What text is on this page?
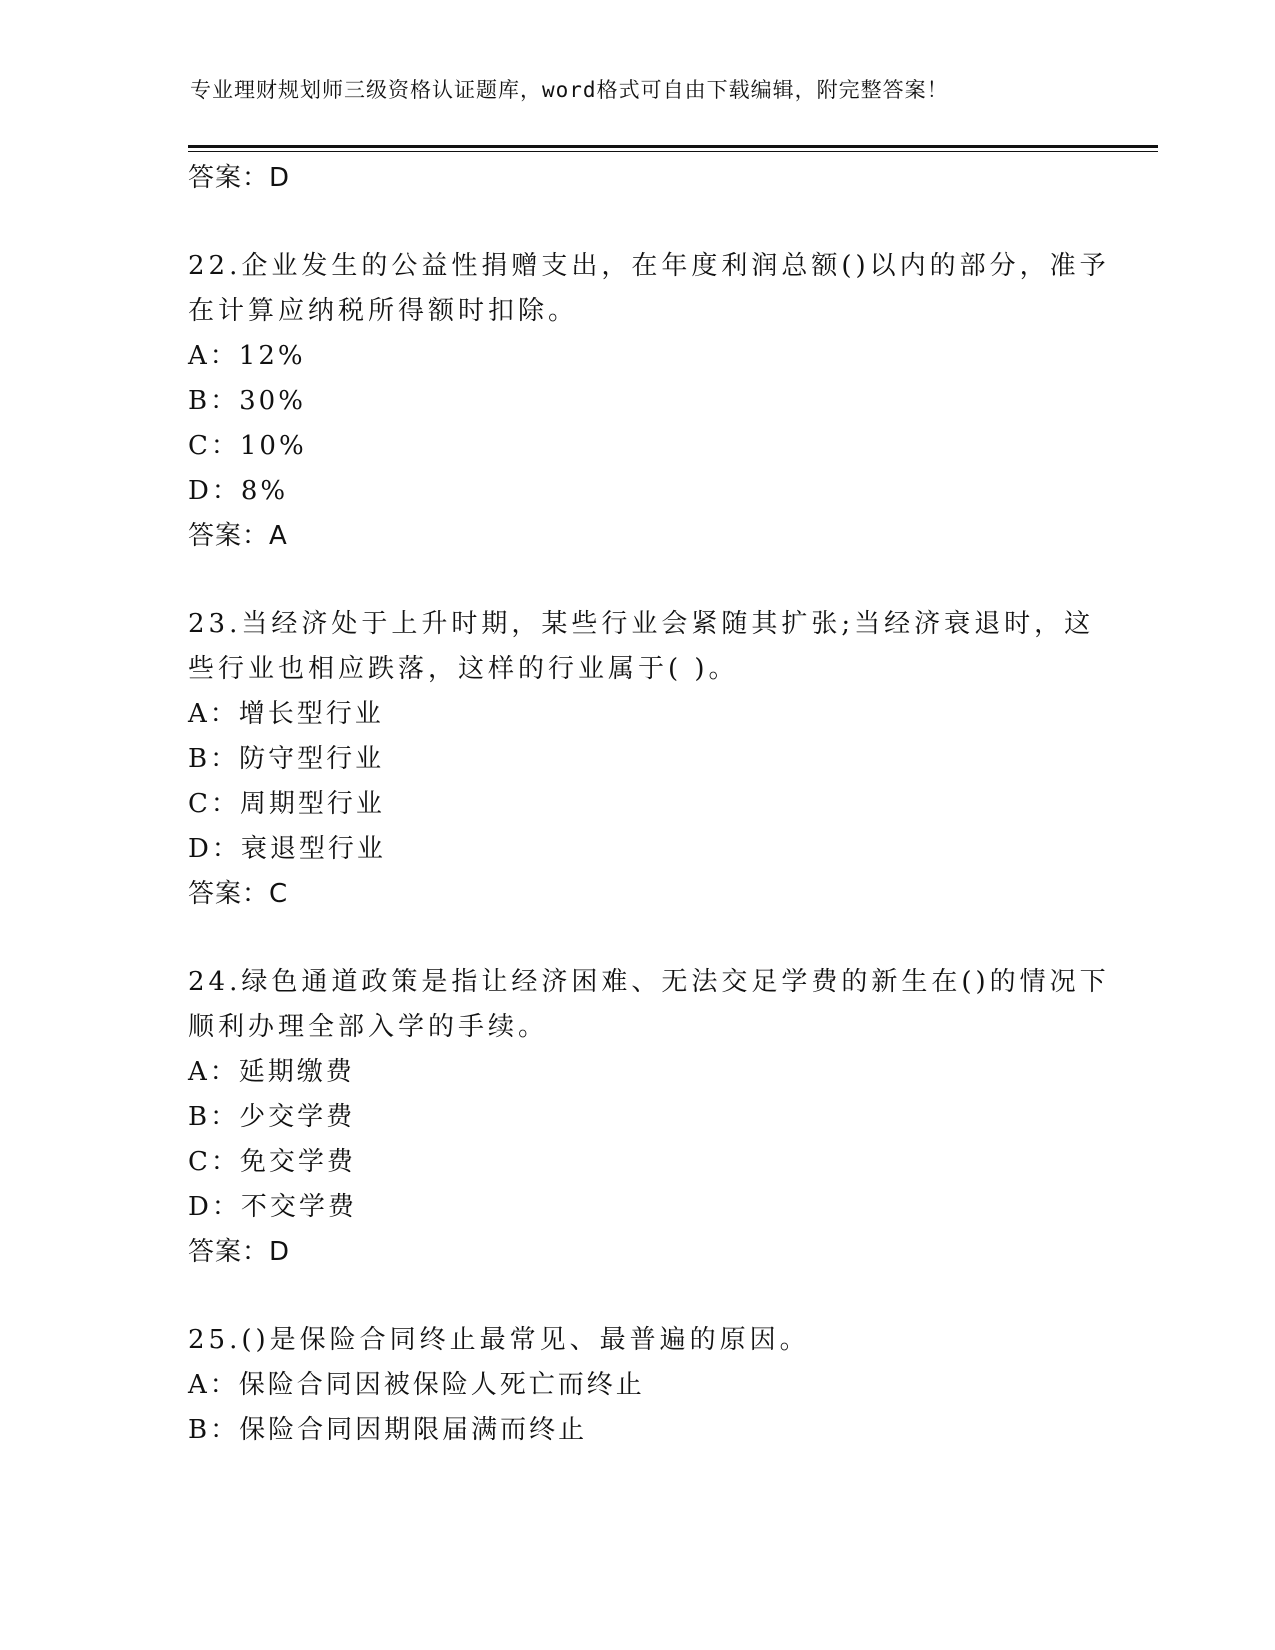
专业理财规划师三级资格认证题库，word格式可自由下载编辑，附完整答案！
答案：D
22.企业发生的公益性捐赠支出，在年度利润总额()以内的部分，准予
在计算应纳税所得额时扣除。
A：12%
B：30%
C：10%
D：8%
答案：A
23.当经济处于上升时期，某些行业会紧随其扩张;当经济衰退时，这
些行业也相应跌落，这样的行业属于( )。
A：增长型行业
B：防守型行业
C：周期型行业
D：衰退型行业
答案：C
24.绿色通道政策是指让经济困难、无法交足学费的新生在()的情况下
顺利办理全部入学的手续。
A：延期缴费
B：少交学费
C：免交学费
D：不交学费
答案：D
25.()是保险合同终止最常见、最普遍的原因。
A：保险合同因被保险人死亡而终止
B：保险合同因期限届满而终止
